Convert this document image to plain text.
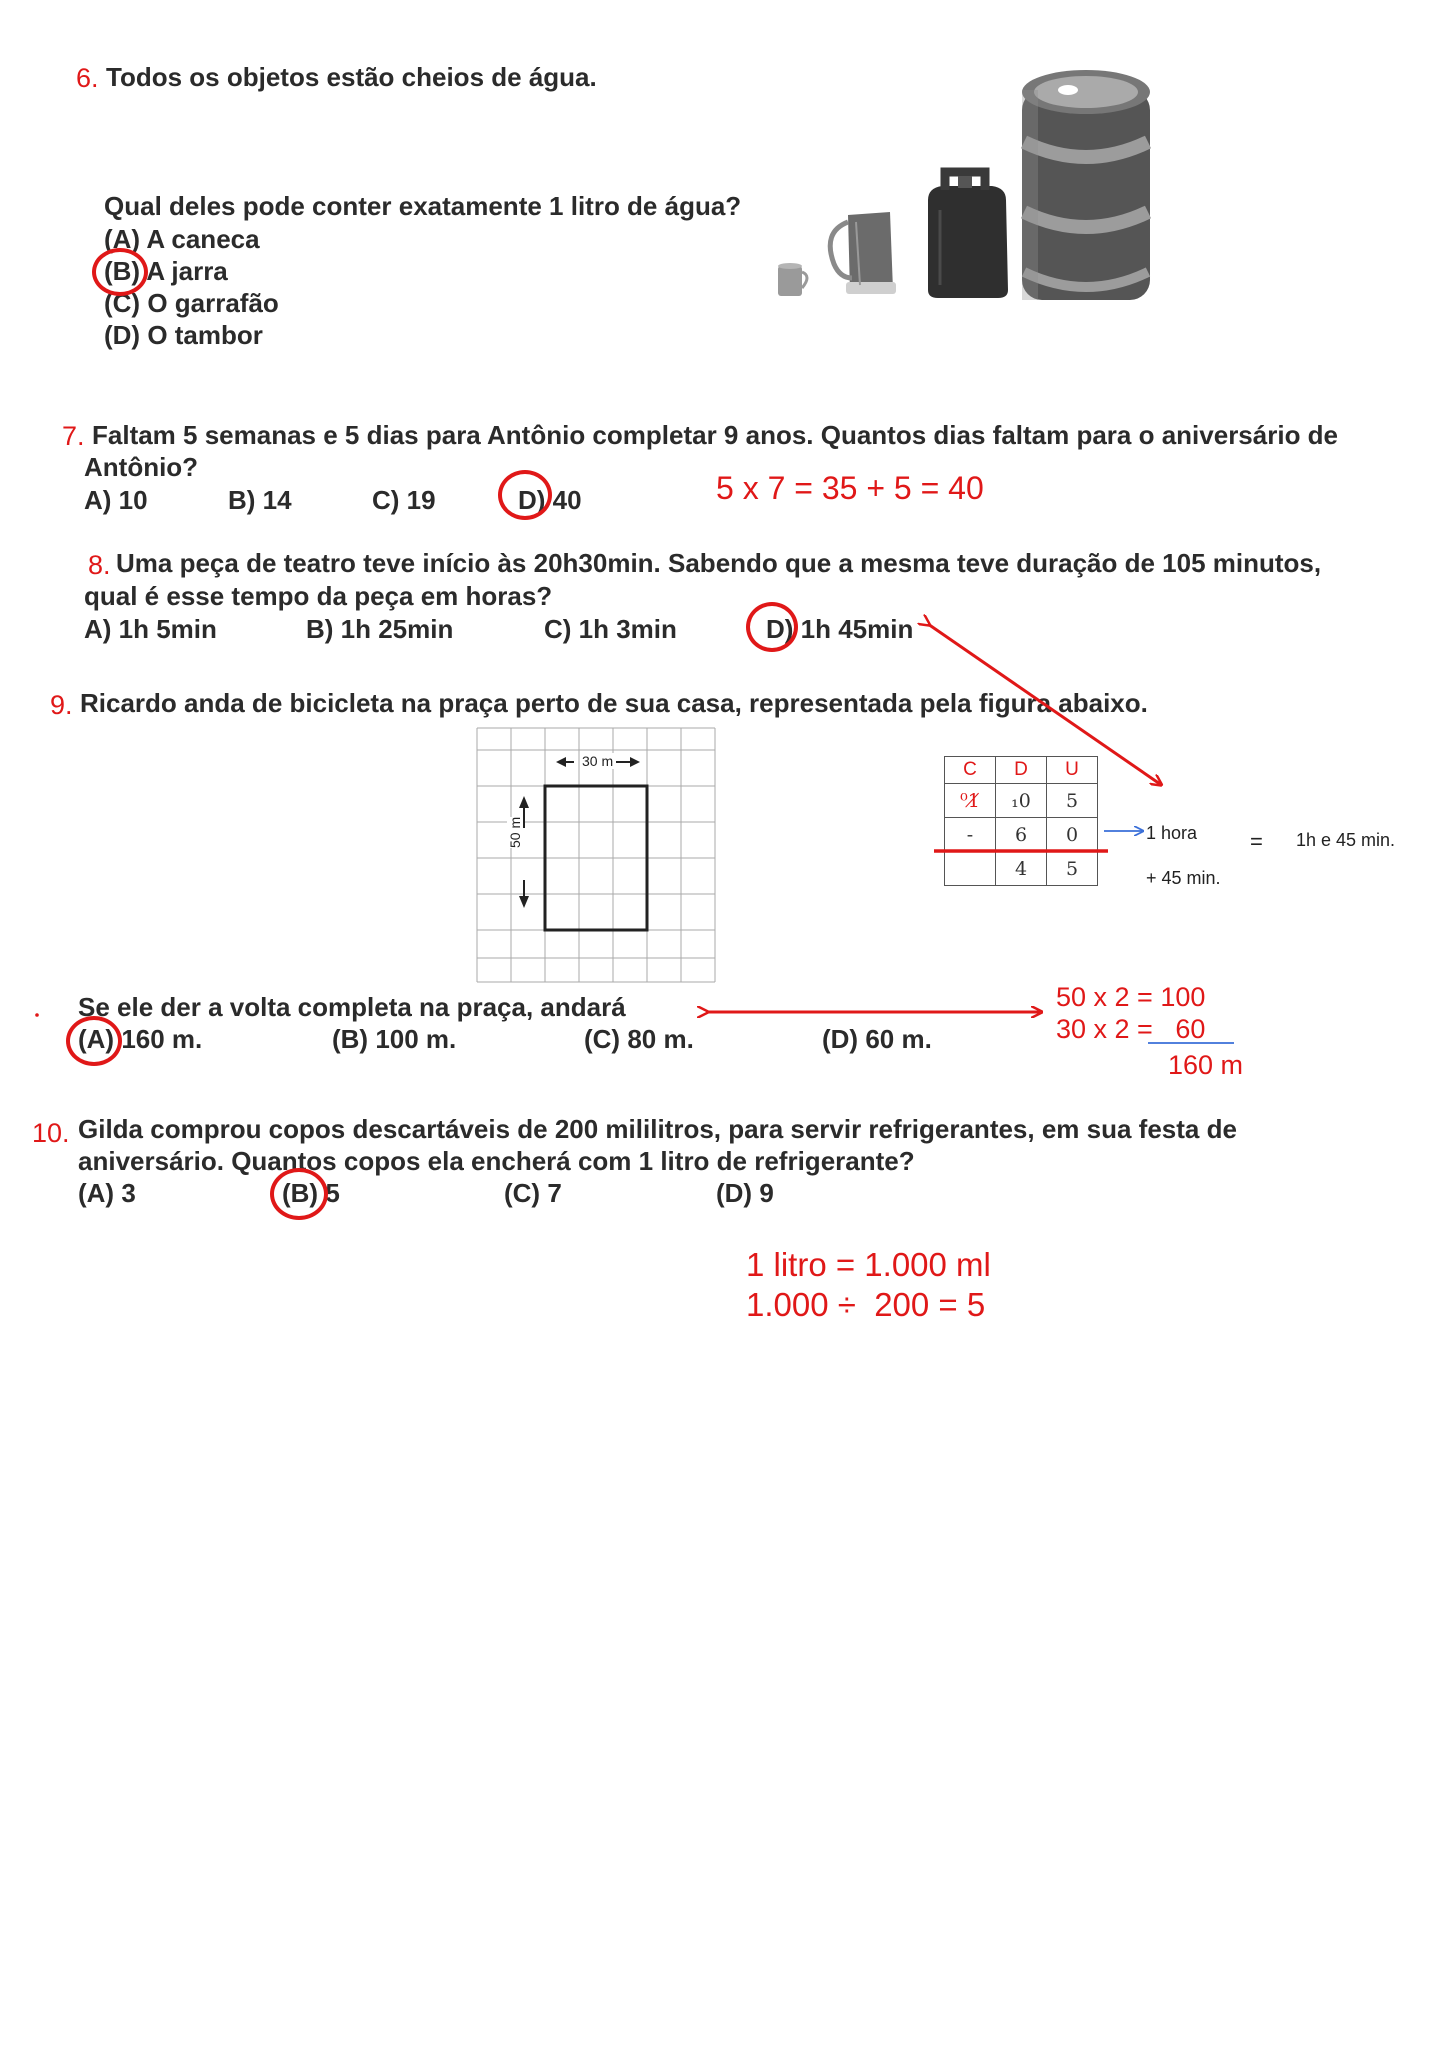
6. Todos os objetos estão cheios de água.
Qual deles pode conter exatamente 1 litro de água?
(A) A caneca
(B) A jarra
(C) O garrafão
(D) O tambor
7. Faltam 5 semanas e 5 dias para Antônio completar 9 anos. Quantos dias faltam para o aniversário de
Antônio?
A) 10	B) 14	C) 19	D) 40	5 x 7 = 35 + 5 = 40
8. Uma peça de teatro teve início às 20h30min. Sabendo que a mesma teve duração de 105 minutos,
qual é esse tempo da peça em horas?
A) 1h 5min	B) 1h 25min	C) 1h 3min	D) 1h 45min
C	D	U
⁰1̸	₁0	5
-	6	0
	4	5
1 hora
+ 45 min.
= 1h e 45 min.
9. Ricardo anda de bicicleta na praça perto de sua casa, representada pela figura abaixo.
30 m
50 m
Se ele der a volta completa na praça, andará
(A) 160 m.	(B) 100 m.	(C) 80 m.	(D) 60 m.
50 x 2 = 100
30 x 2 =   60
160 m
10. Gilda comprou copos descartáveis de 200 mililitros, para servir refrigerantes, em sua festa de
aniversário. Quantos copos ela encherá com 1 litro de refrigerante?
(A) 3	(B) 5	(C) 7	(D) 9
1 litro = 1.000 ml
1.000 ÷  200 = 5
